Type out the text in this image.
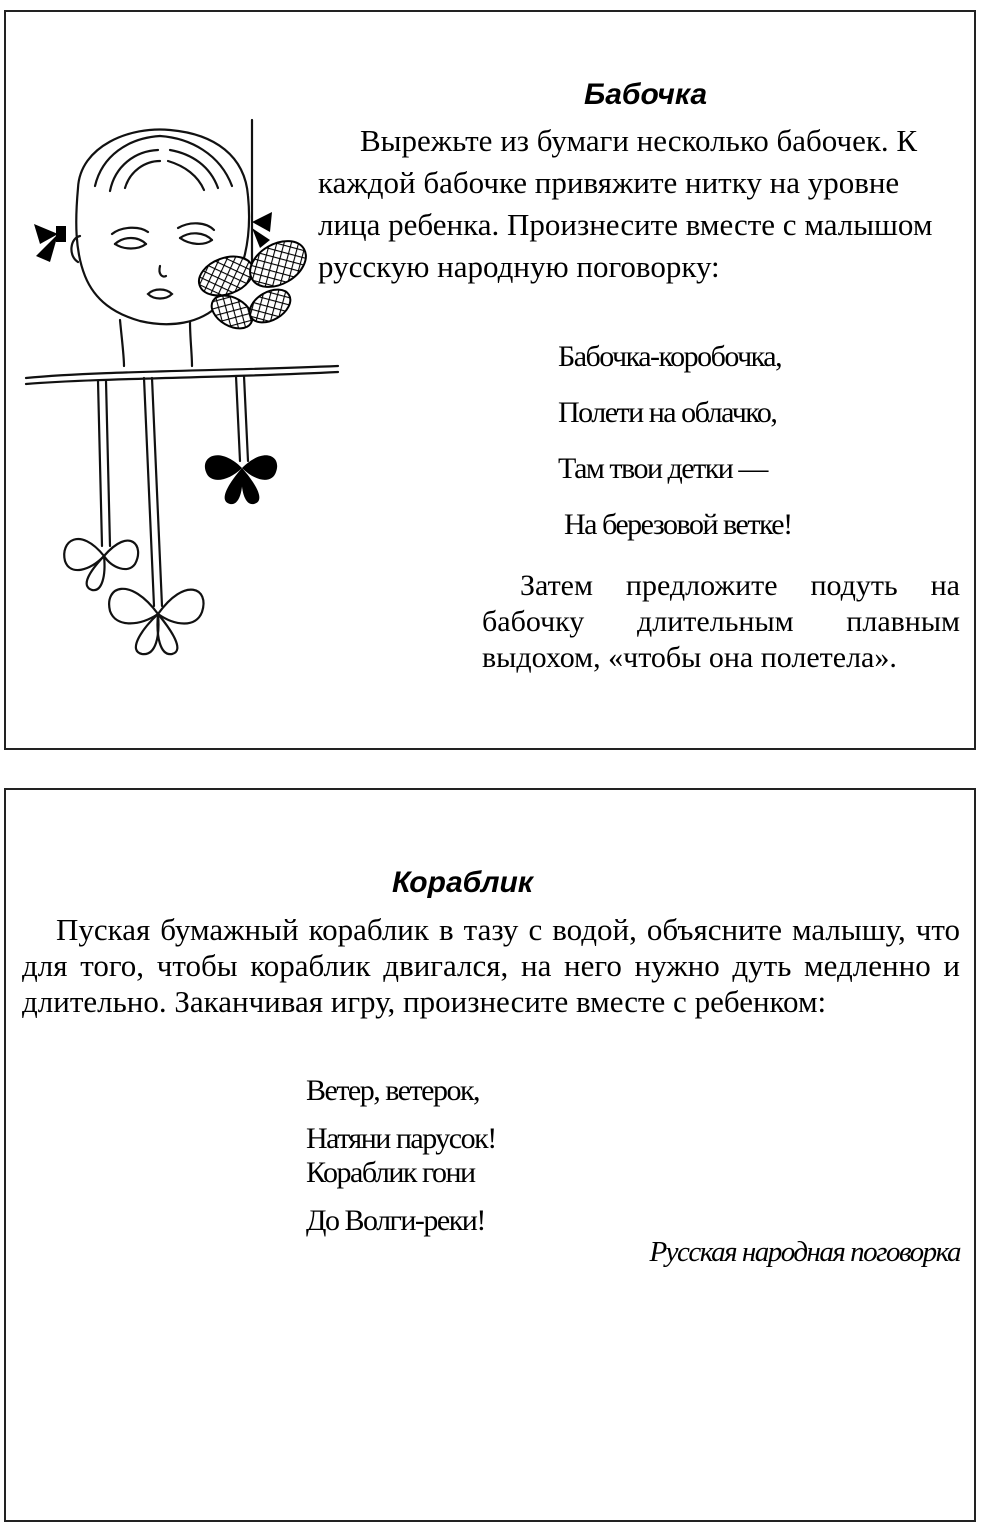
Бабочка
Вырежьте из бумаги несколько бабочек. К каждой бабочке привяжите нитку на уровне лица ребенка. Произнесите вместе с малышом русскую народную поговорку:
Бабочка-коробочка,
Полети на облачко,
Там твои детки —
На березовой ветке!
Затем предложите подуть на бабочку длительным плавным выдохом, «чтобы она полетела».
Кораблик
Пуская бумажный кораблик в тазу с водой, объясните малышу, что для того, чтобы кораблик двигался, на него нужно дуть медленно и длительно. Заканчивая игру, произнесите вместе с ребенком:
Ветер, ветерок,
Натяни парусок!
Кораблик гони
До Волги-реки!
Русская народная поговорка
